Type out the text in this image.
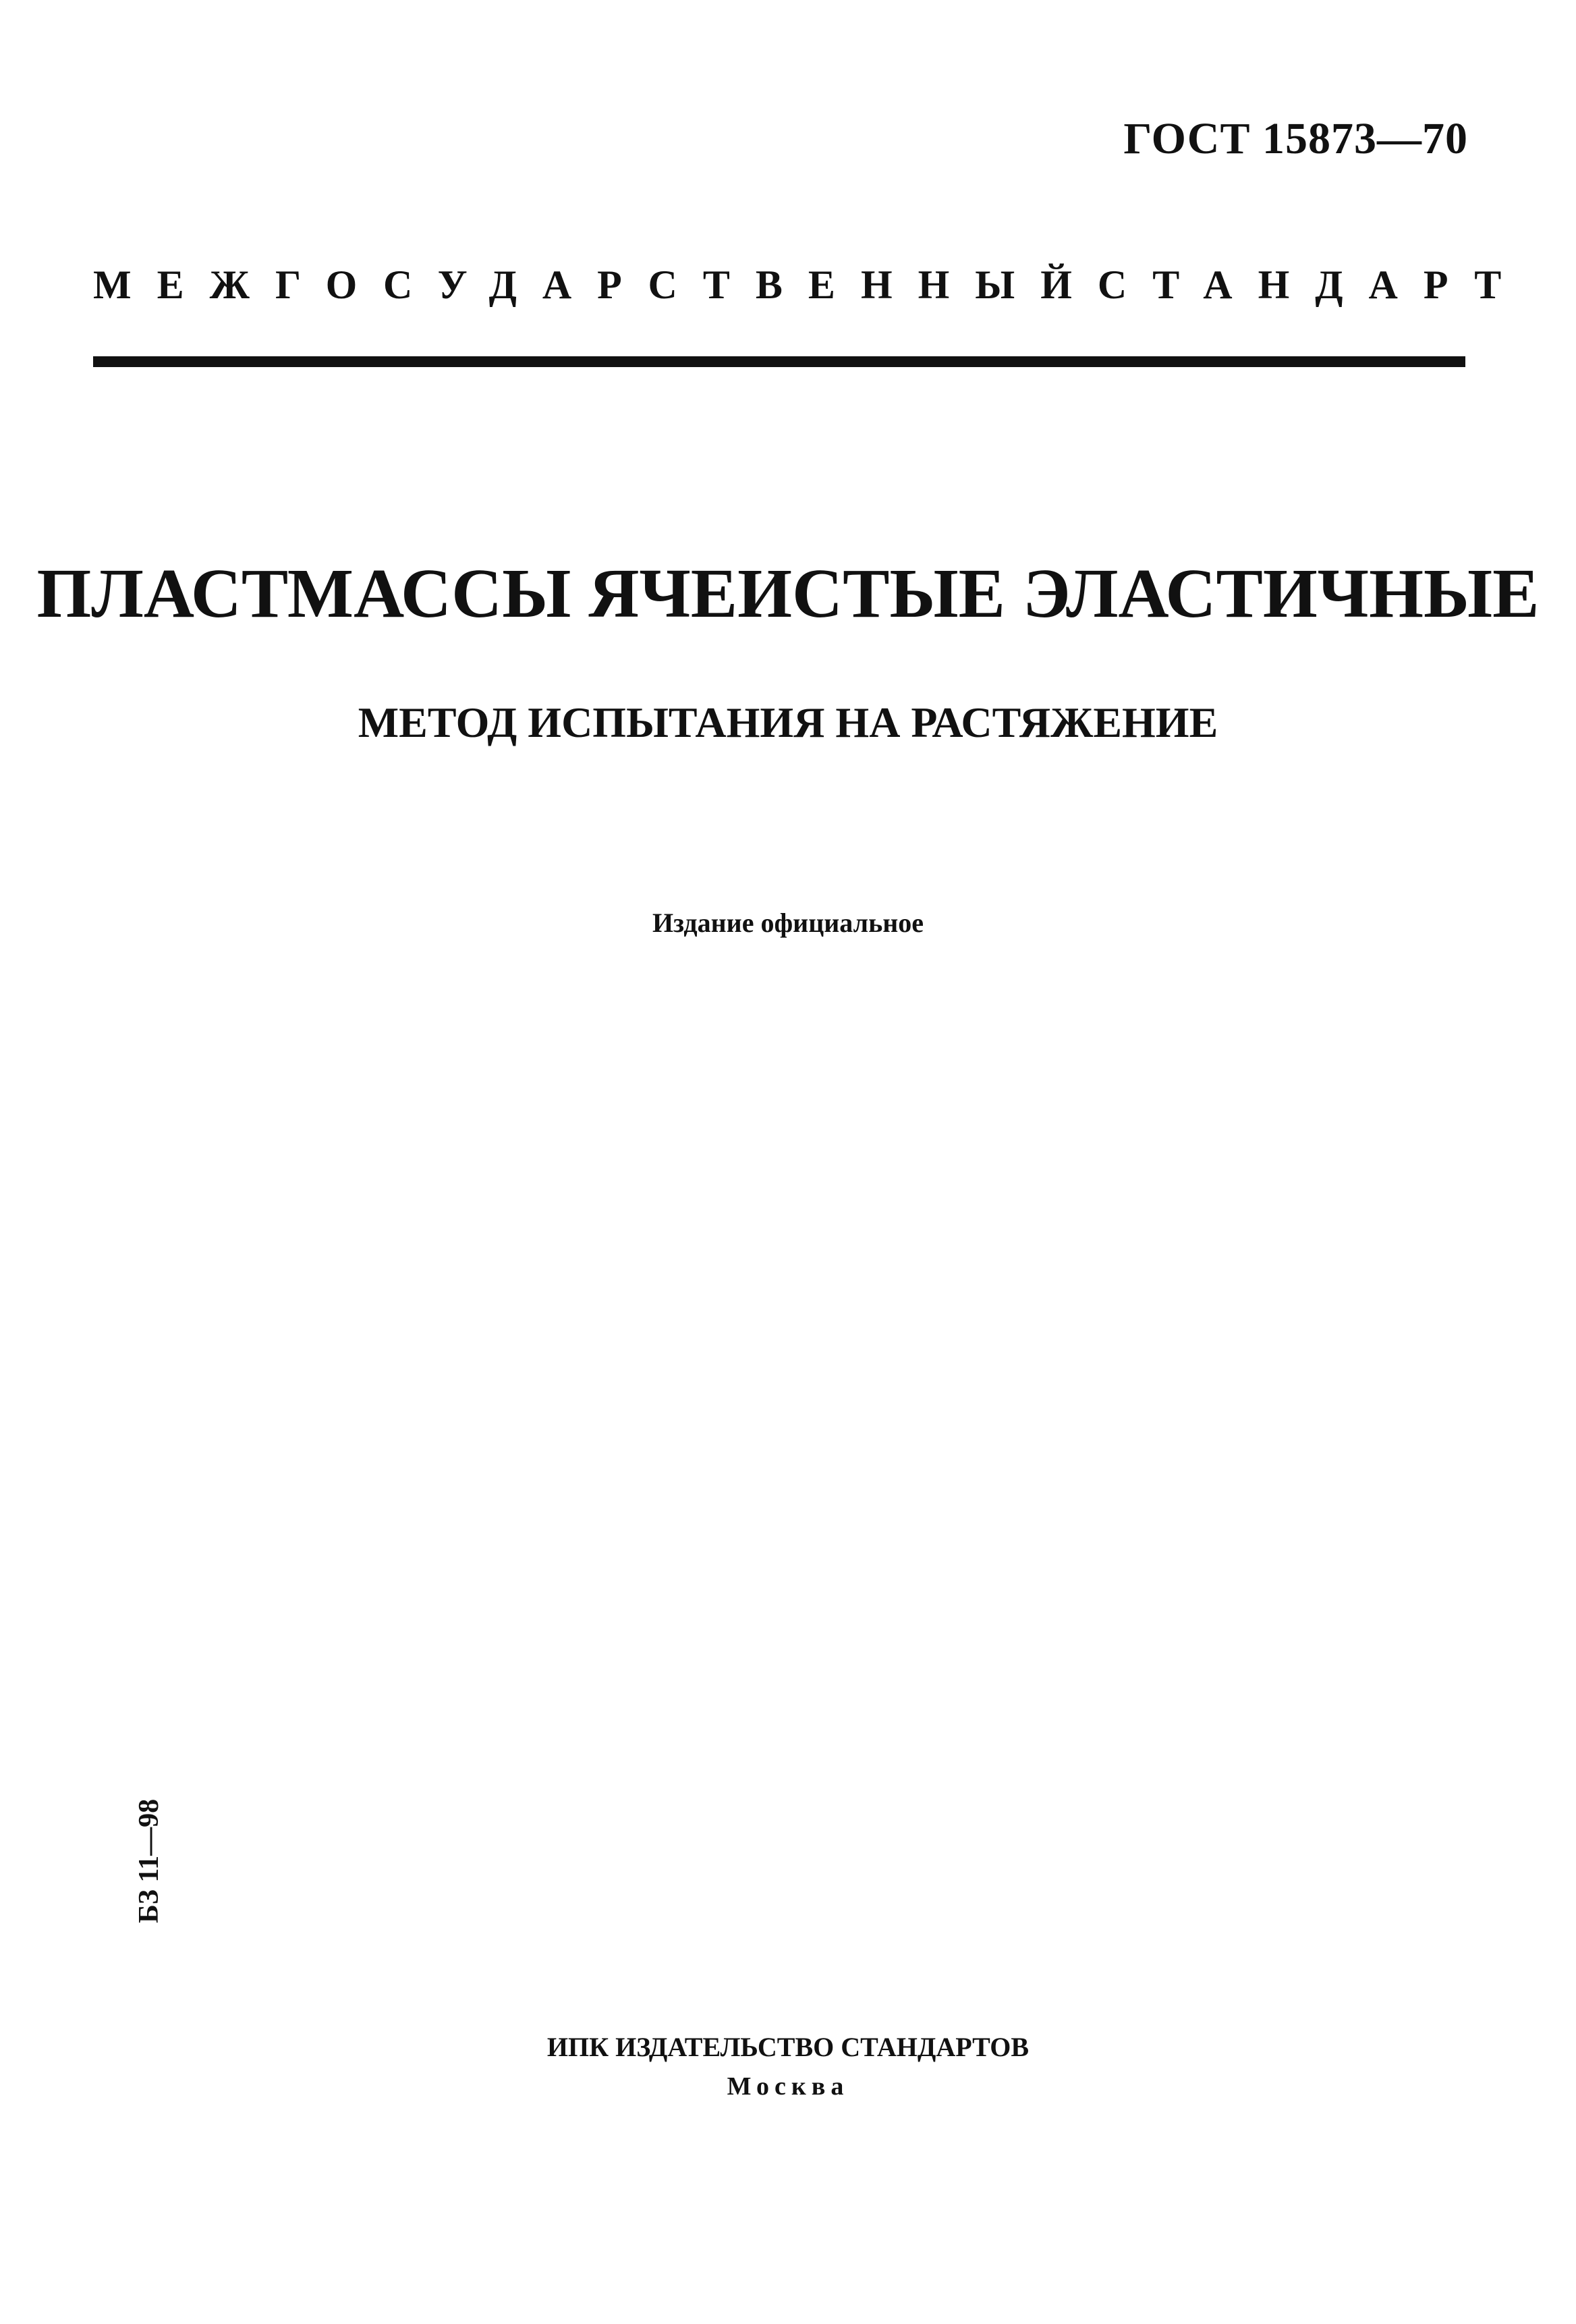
ГОСТ 15873—70
МЕЖГОСУДАРСТВЕННЫЙ СТАНДАРТ
ПЛАСТМАССЫ ЯЧЕИСТЫЕ ЭЛАСТИЧНЫЕ
МЕТОД ИСПЫТАНИЯ НА РАСТЯЖЕНИЕ
Издание официальное
БЗ 11—98
ИПК ИЗДАТЕЛЬСТВО СТАНДАРТОВ
Москва
